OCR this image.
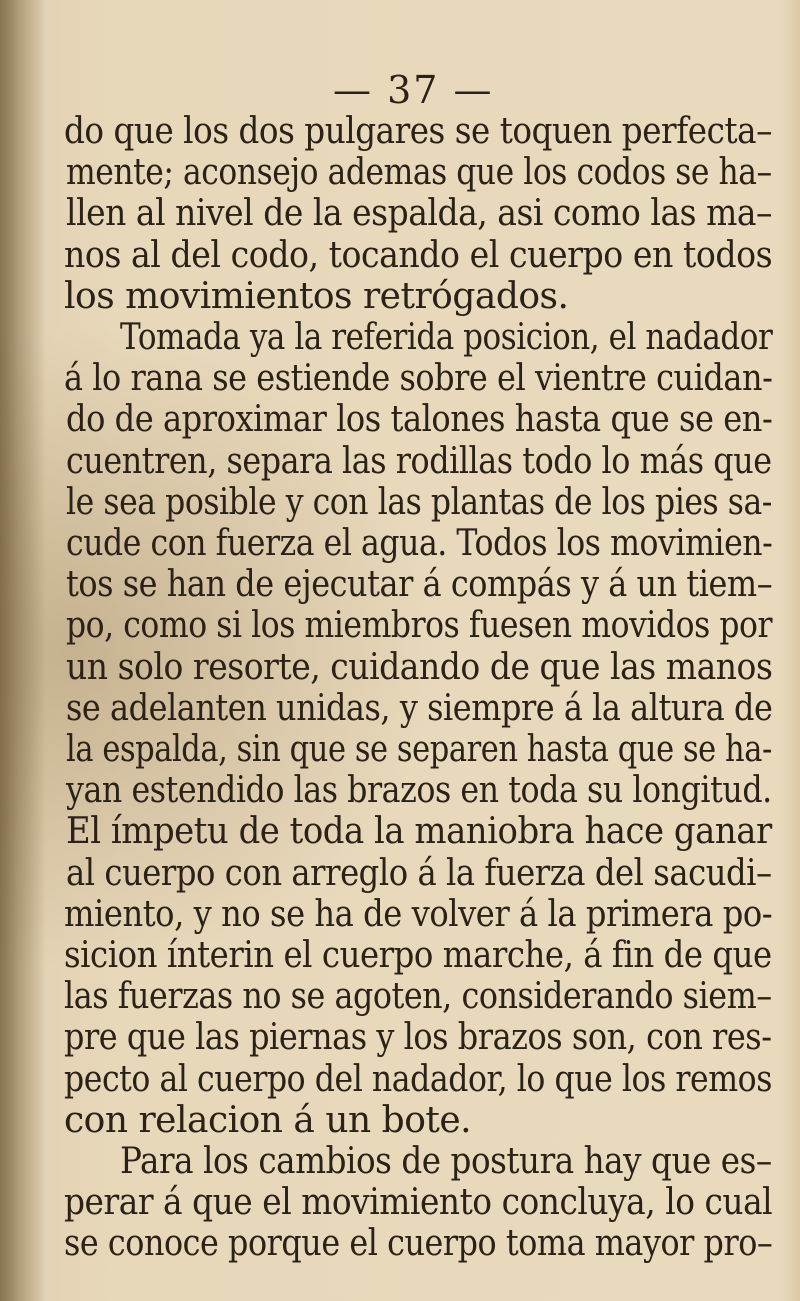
— 37 —
do que los dos pulgares se toquen perfecta–
mente; aconsejo ademas que los codos se ha–
llen al nivel de la espalda, asi como las ma–
nos al del codo, tocando el cuerpo en todos
los movimientos retrógados.
Tomada ya la referida posicion, el nadador
á lo rana se estiende sobre el vientre cuidan-
do de aproximar los talones hasta que se en-
cuentren, separa las rodillas todo lo más que
le sea posible y con las plantas de los pies sa-
cude con fuerza el agua. Todos los movimien-
tos se han de ejecutar á compás y á un tiem–
po, como si los miembros fuesen movidos por
un solo resorte, cuidando de que las manos
se adelanten unidas, y siempre á la altura de
la espalda, sin que se separen hasta que se ha-
yan estendido las brazos en toda su longitud.
El ímpetu de toda la maniobra hace ganar
al cuerpo con arreglo á la fuerza del sacudi–
miento, y no se ha de volver á la primera po-
sicion ínterin el cuerpo marche, á fin de que
las fuerzas no se agoten, considerando siem–
pre que las piernas y los brazos son, con res-
pecto al cuerpo del nadador, lo que los remos
con relacion á un bote.
Para los cambios de postura hay que es–
perar á que el movimiento concluya, lo cual
se conoce porque el cuerpo toma mayor pro–
